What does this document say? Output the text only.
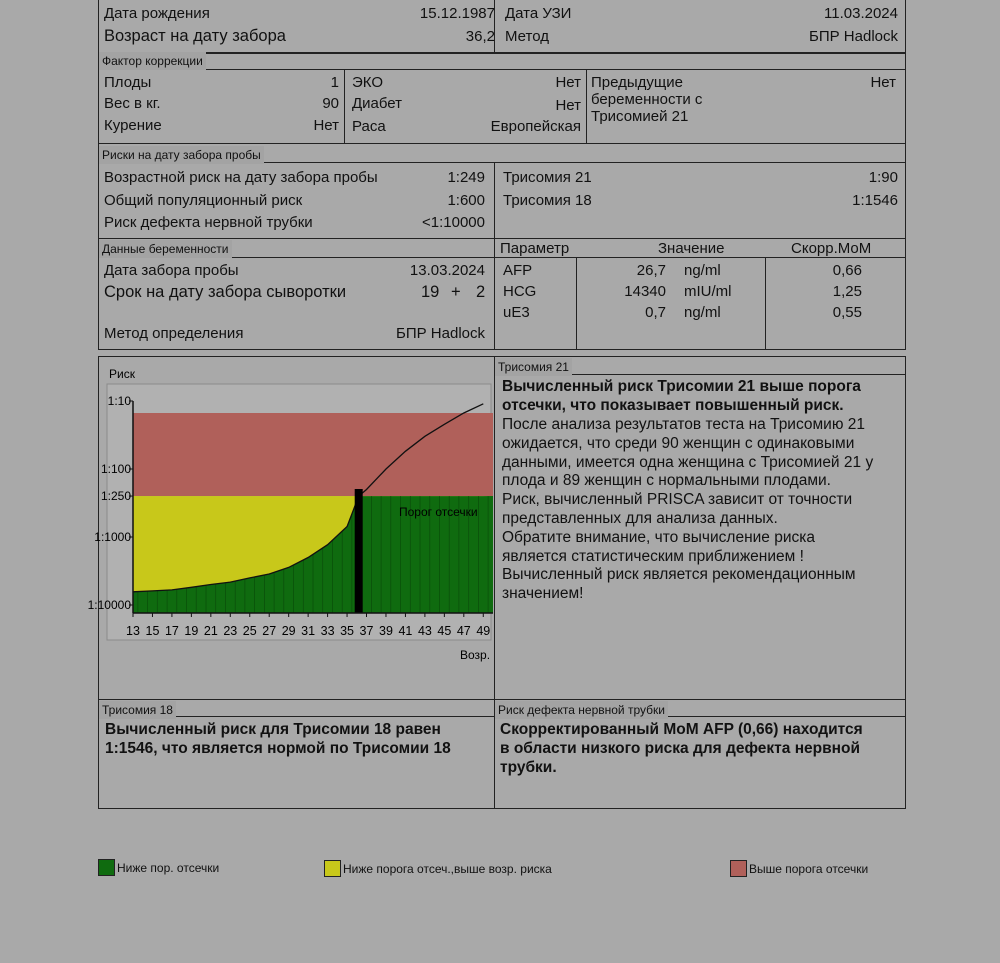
Дата рождения	15.12.1987
Возраст на дату забора	36,2
Дата УЗИ	11.03.2024
Метод	БПР Hadlock
Фактор коррекции
Плоды	1
Вес в кг.	90
Курение	Нет
ЭКО	Нет
Диабет	Нет
Раса	Европейская
Предыдущие
беременности с
Трисомией 21
Нет
Риски на дату забора пробы
Возрастной риск на дату забора пробы	1:249
Общий популяционный риск	1:600
Риск дефекта нервной трубки	<1:10000
Трисомия 21	1:90
Трисомия 18	1:1546
Данные беременности
Дата забора пробы	13.03.2024
Срок на дату забора сыворотки	19 + 2
Метод определения	БПР Hadlock
Параметр	Значение	Скорр.МоМ
AFP	26,7 ng/ml	0,66
HCG	14340 mIU/ml	1,25
uE3	0,7 ng/ml	0,55
Трисомия 21
1:10
1:100
1:250
1:1000
1:10000
13 15 17 19 21 23 25 27 29 31 33 35 37 39 41 43 45 47 49
Риск
Возр.
Порог отсечки
Вычисленный риск Трисомии 21 выше порога
отсечки, что показывает повышенный риск.
После анализа результатов теста на Трисомию 21
ожидается, что среди 90 женщин с одинаковыми
данными, имеется одна женщина с Трисомией 21 у
плода и 89 женщин с нормальными плодами.
Риск, вычисленный PRISCA зависит от точности
представленных для анализа данных.
Обратите внимание, что вычисление риска
является статистическим приближением !
Вычисленный риск является рекомендационным
значением!
Трисомия 18	Риск дефекта нервной трубки
Вычисленный риск для Трисомии 18 равен
1:1546, что является нормой по Трисомии 18
Скорректированный МоМ AFP (0,66) находится
в области низкого риска для дефекта нервной
трубки.
Ниже пор. отсечки	Ниже порога отсеч.,выше возр. риска	Выше порога отсечки
